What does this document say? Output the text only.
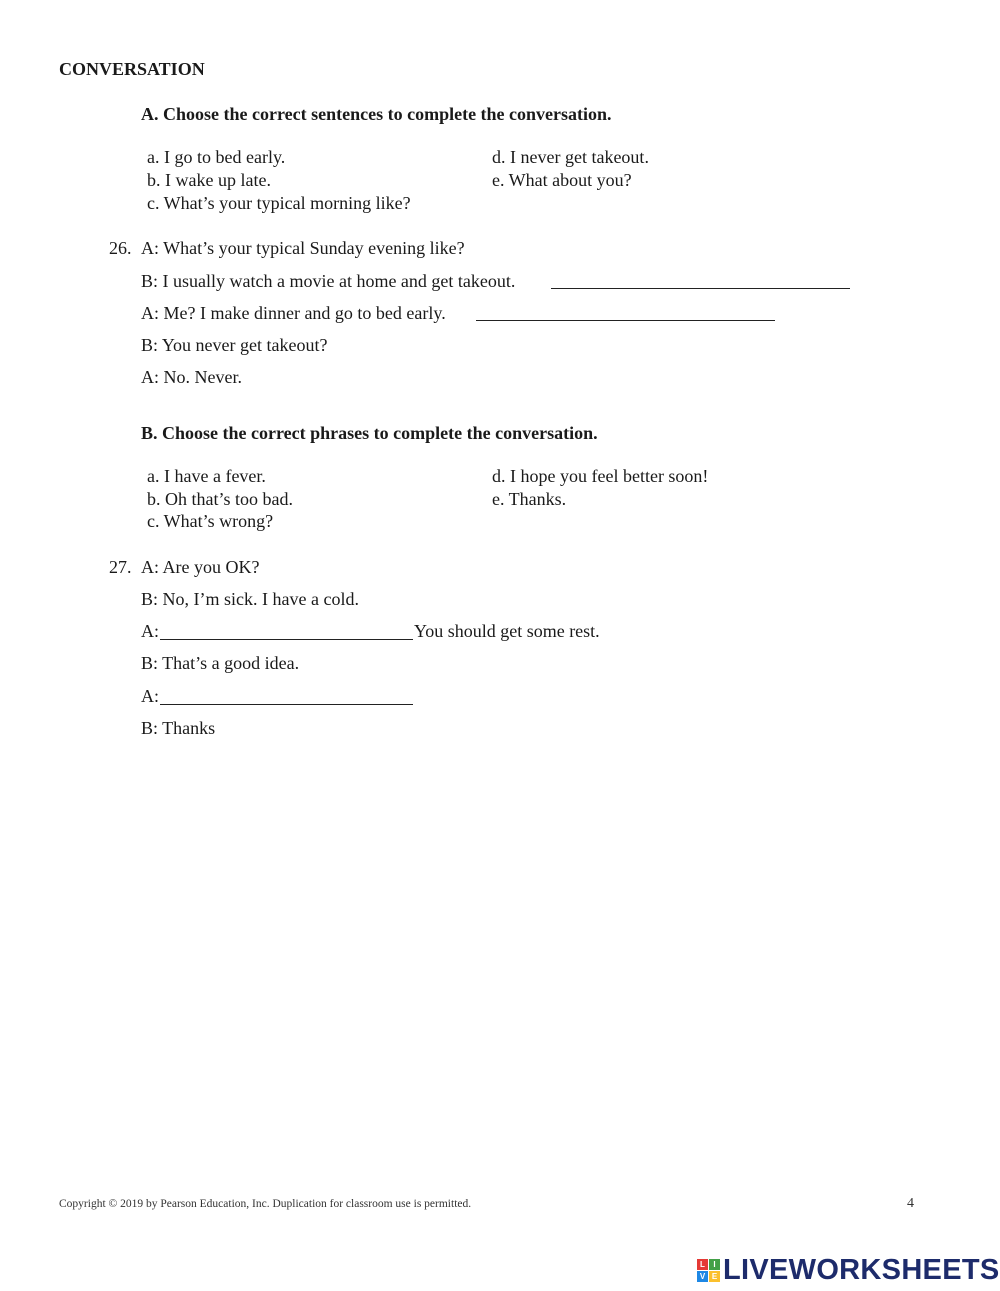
CONVERSATION
A. Choose the correct sentences to complete the conversation.
a. I go to bed early.
b. I wake up late.
c. What’s your typical morning like?
d. I never get takeout.
e. What about you?
26. A: What’s your typical Sunday evening like?
B: I usually watch a movie at home and get takeout.
A: Me? I make dinner and go to bed early.
B: You never get takeout?
A: No. Never.
B. Choose the correct phrases to complete the conversation.
a. I have a fever.
b. Oh that’s too bad.
c. What’s wrong?
d. I hope you feel better soon!
e. Thanks.
27. A: Are you OK?
B: No, I’m sick. I have a cold.
A:	You should get some rest.
B: That’s a good idea.
A:
B: Thanks
Copyright © 2019 by Pearson Education, Inc. Duplication for classroom use is permitted.	4
L	I
V E LIVEWORKSHEETS
